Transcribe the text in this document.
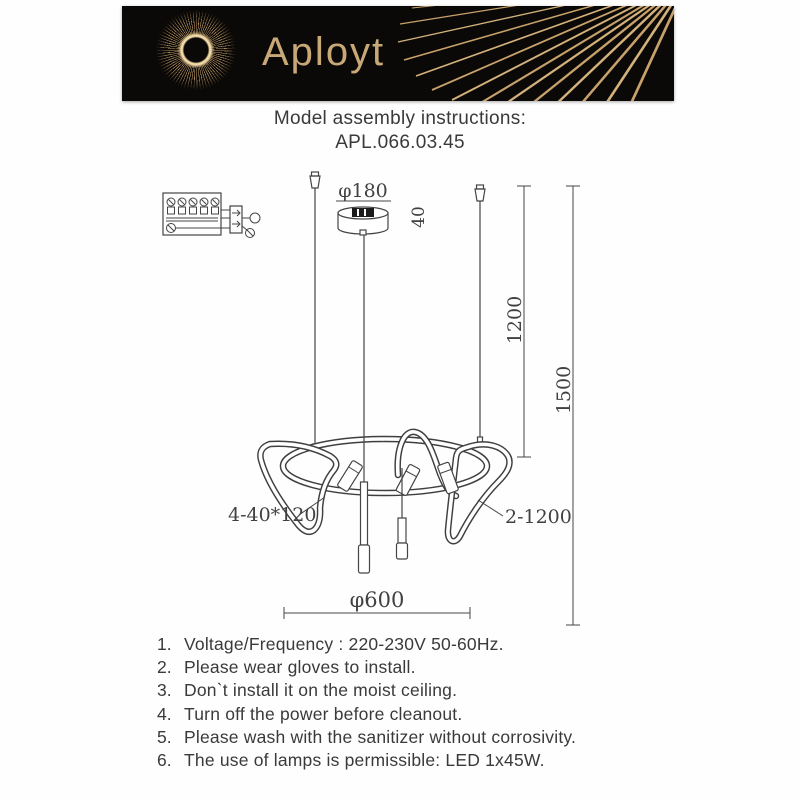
Aployt
Model assembly instructions:
APL.066.03.45
1200
1500
φ600
φ180
40
4-40*120	2-1200
1. Voltage/Frequency : 220-230V 50-60Hz.
2. Please wear gloves to install.
3. Don`t install it on the moist ceiling.
4. Turn off the power before cleanout.
5. Please wash with the sanitizer without corrosivity.
6. The use of lamps is permissible: LED 1x45W.
